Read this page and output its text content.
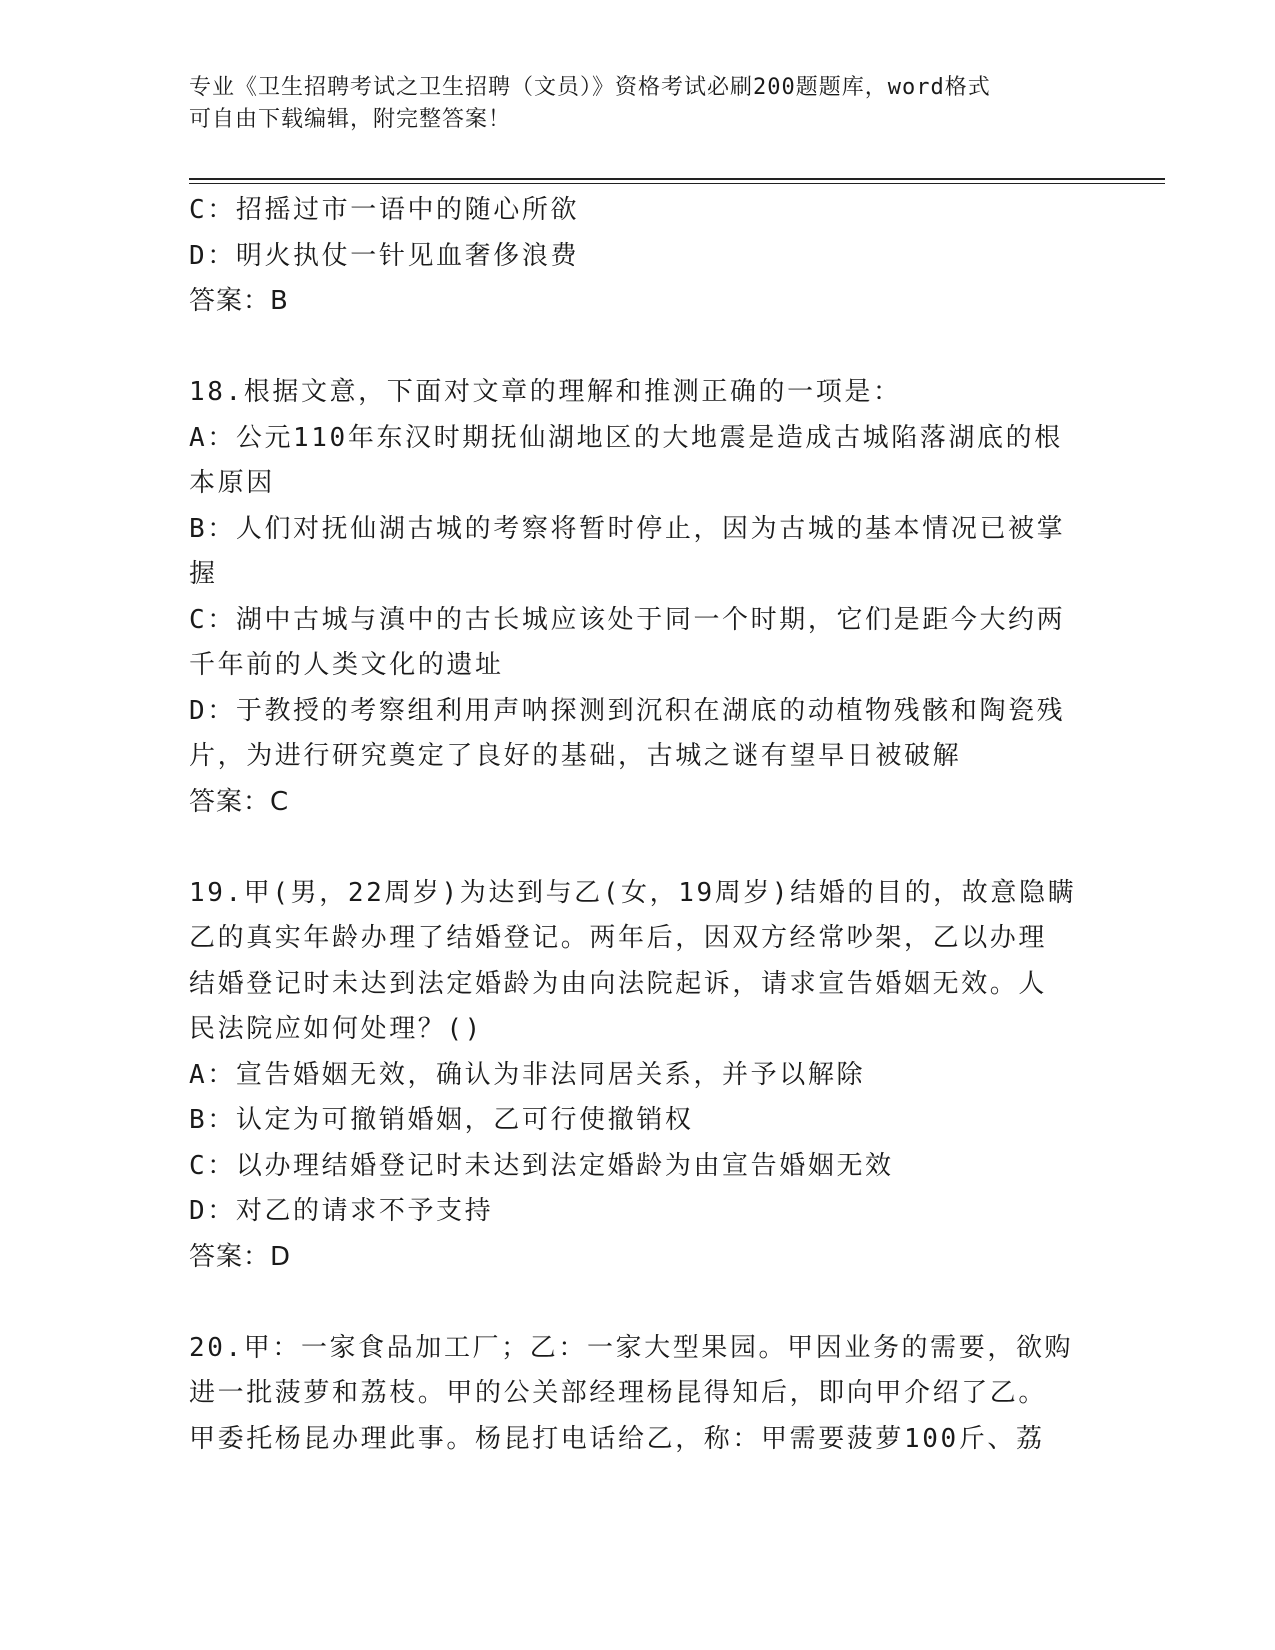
专业《卫生招聘考试之卫生招聘（文员）》资格考试必刷200题题库，word格式
可自由下载编辑，附完整答案！
C：招摇过市一语中的随心所欲
D：明火执仗一针见血奢侈浪费
答案：B
18.根据文意，下面对文章的理解和推测正确的一项是：
A：公元110年东汉时期抚仙湖地区的大地震是造成古城陷落湖底的根
本原因
B：人们对抚仙湖古城的考察将暂时停止，因为古城的基本情况已被掌
握
C：湖中古城与滇中的古长城应该处于同一个时期，它们是距今大约两
千年前的人类文化的遗址
D：于教授的考察组利用声呐探测到沉积在湖底的动植物残骸和陶瓷残
片，为进行研究奠定了良好的基础，古城之谜有望早日被破解
答案：C
19.甲(男，22周岁)为达到与乙(女，19周岁)结婚的目的，故意隐瞒
乙的真实年龄办理了结婚登记。两年后，因双方经常吵架，乙以办理
结婚登记时未达到法定婚龄为由向法院起诉，请求宣告婚姻无效。人
民法院应如何处理？()
A：宣告婚姻无效，确认为非法同居关系，并予以解除
B：认定为可撤销婚姻，乙可行使撤销权
C：以办理结婚登记时未达到法定婚龄为由宣告婚姻无效
D：对乙的请求不予支持
答案：D
20.甲：一家食品加工厂；乙：一家大型果园。甲因业务的需要，欲购
进一批菠萝和荔枝。甲的公关部经理杨昆得知后，即向甲介绍了乙。
甲委托杨昆办理此事。杨昆打电话给乙，称：甲需要菠萝100斤、荔
